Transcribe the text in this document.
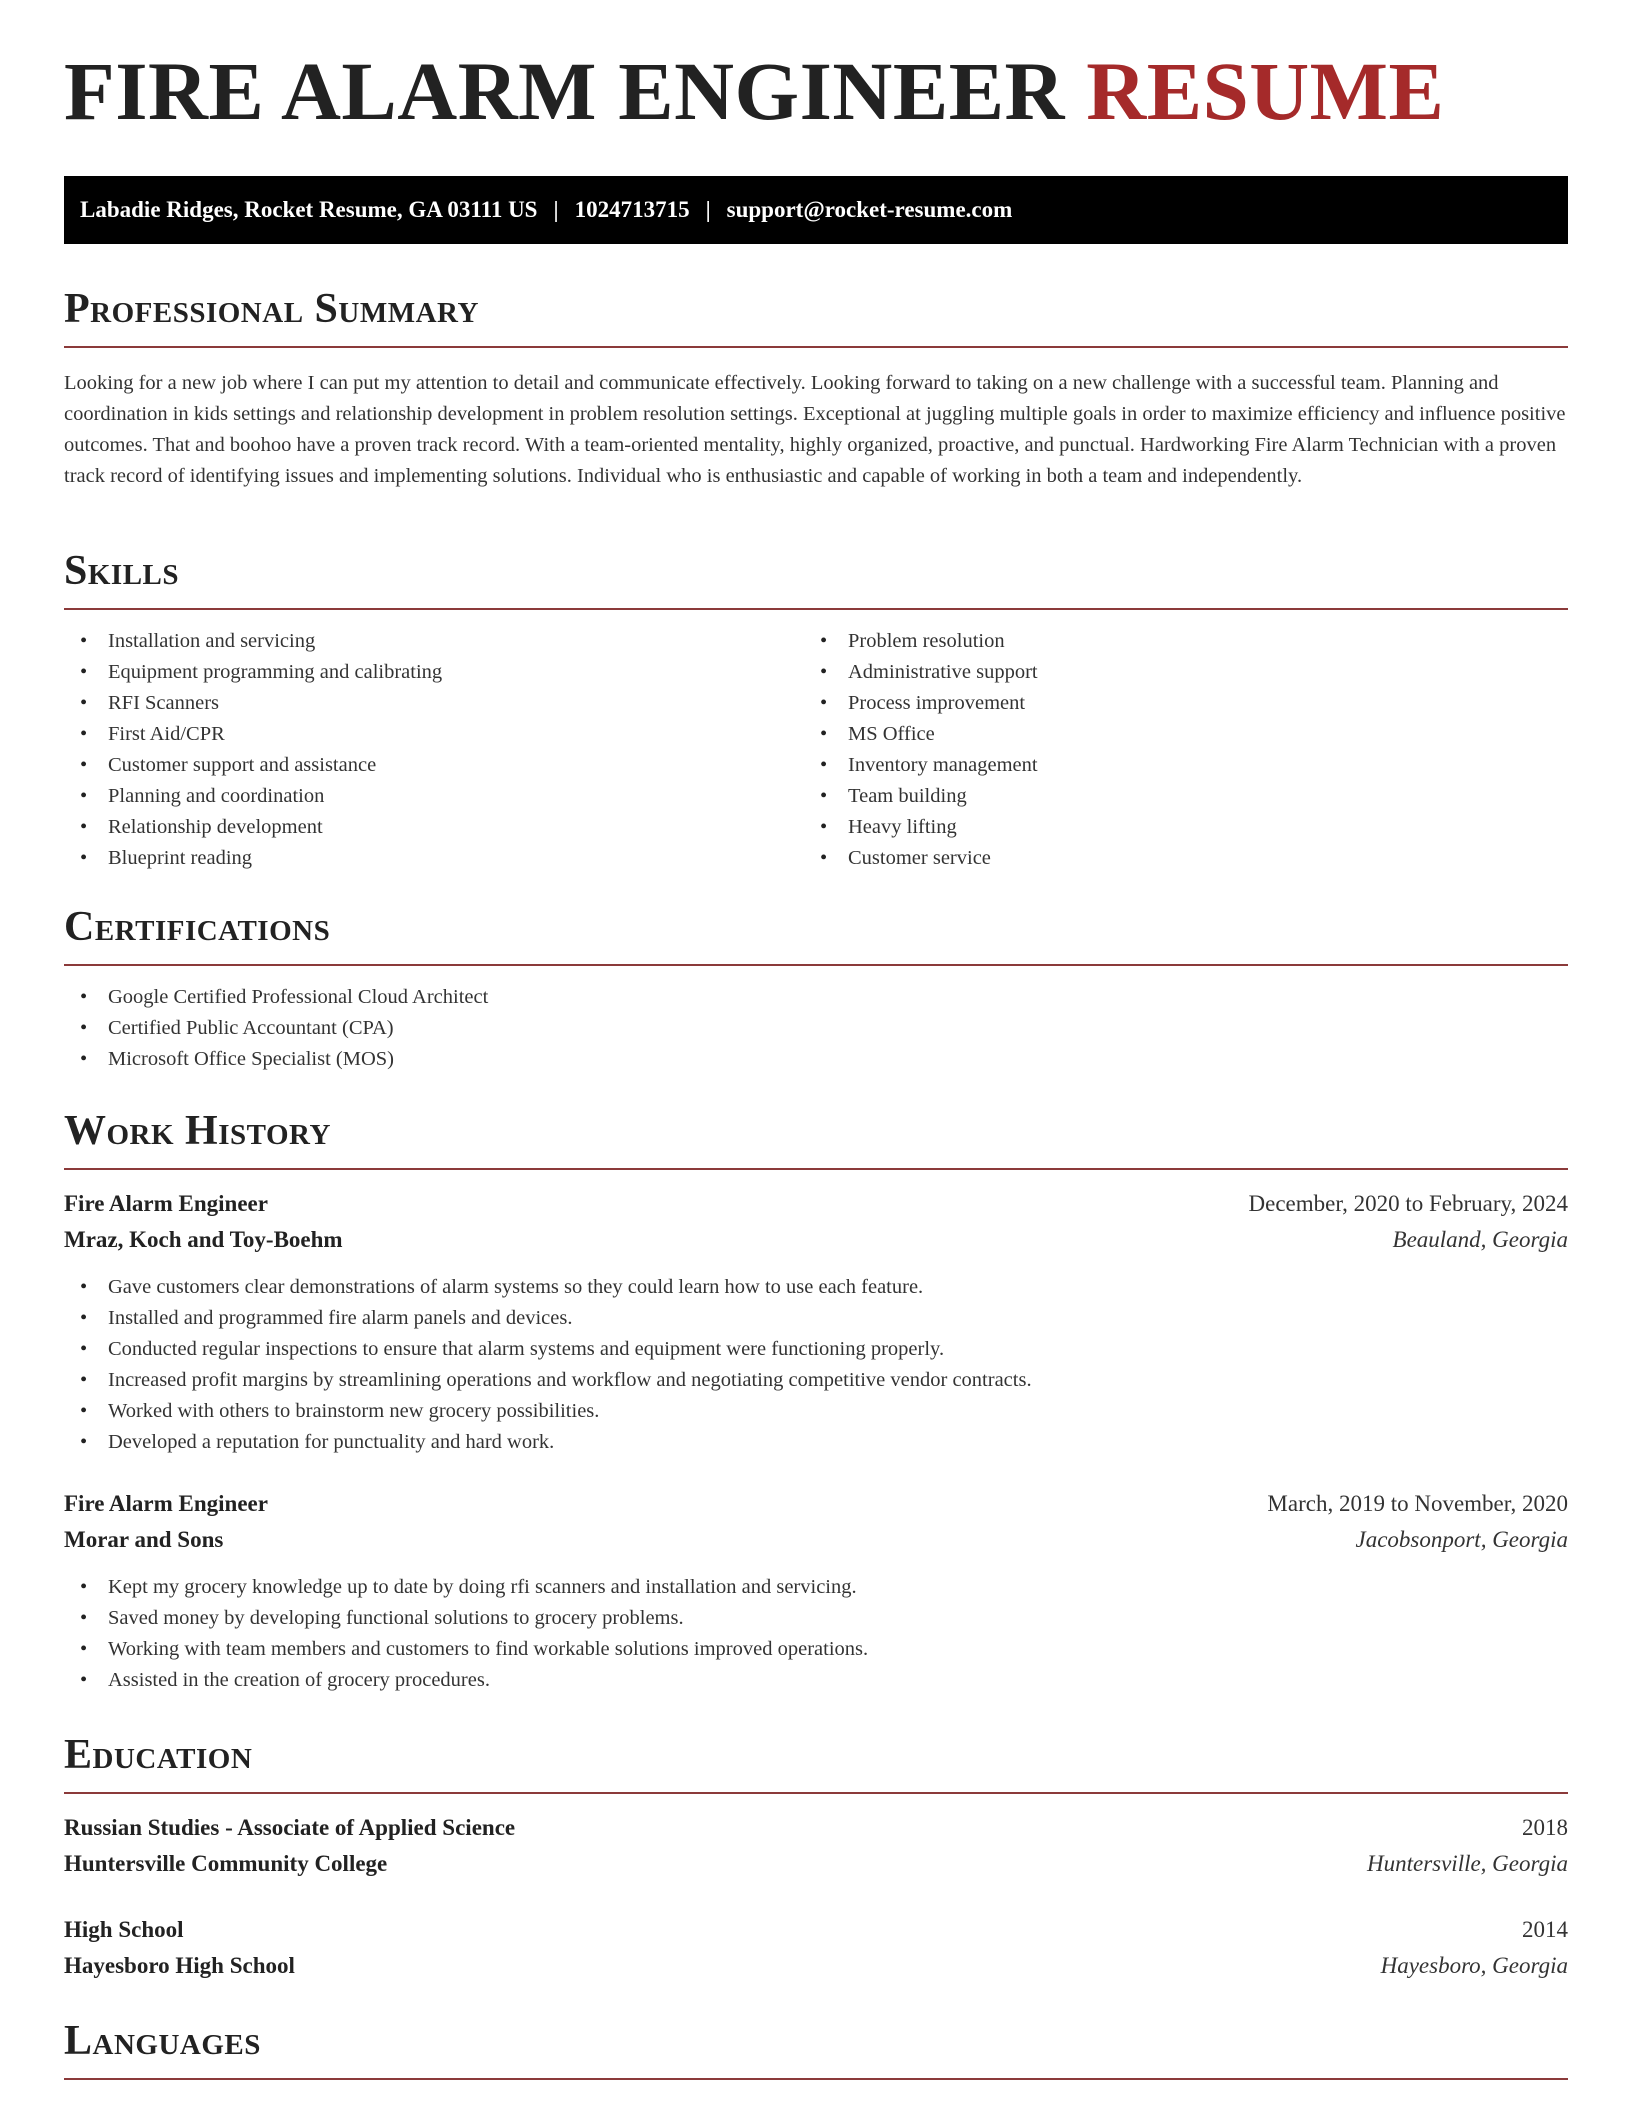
FIRE ALARM ENGINEER RESUME
Labadie Ridges, Rocket Resume, GA 03111 US | 1024713715 | support@rocket-resume.com
Professional Summary

Looking for a new job where I can put my attention to detail and communicate effectively. Looking forward to taking on a new challenge with a successful team. Planning and coordination in kids settings and relationship development in problem resolution settings. Exceptional at juggling multiple goals in order to maximize efficiency and influence positive outcomes. That and boohoo have a proven track record. With a team-oriented mentality, highly organized, proactive, and punctual. Hardworking Fire Alarm Technician with a proven track record of identifying issues and implementing solutions. Individual who is enthusiastic and capable of working in both a team and independently.

Skills
• Installation and servicing
• Equipment programming and calibrating
• RFI Scanners
• First Aid/CPR
• Customer support and assistance
• Planning and coordination
• Relationship development
• Blueprint reading
• Problem resolution
• Administrative support
• Process improvement
• MS Office
• Inventory management
• Team building
• Heavy lifting
• Customer service
Certifications
• Google Certified Professional Cloud Architect
• Certified Public Accountant (CPA)
• Microsoft Office Specialist (MOS)
Work History
Fire Alarm Engineer	December, 2020 to February, 2024
Mraz, Koch and Toy-Boehm	Beauland, Georgia
• Gave customers clear demonstrations of alarm systems so they could learn how to use each feature.
• Installed and programmed fire alarm panels and devices.
• Conducted regular inspections to ensure that alarm systems and equipment were functioning properly.
• Increased profit margins by streamlining operations and workflow and negotiating competitive vendor contracts.
• Worked with others to brainstorm new grocery possibilities.
• Developed a reputation for punctuality and hard work.
Fire Alarm Engineer	March, 2019 to November, 2020
Morar and Sons	Jacobsonport, Georgia
• Kept my grocery knowledge up to date by doing rfi scanners and installation and servicing.
• Saved money by developing functional solutions to grocery problems.
• Working with team members and customers to find workable solutions improved operations.
• Assisted in the creation of grocery procedures.
Education
Russian Studies - Associate of Applied Science	2018
Huntersville Community College	Huntersville, Georgia
High School	2014
Hayesboro High School	Hayesboro, Georgia
Languages
